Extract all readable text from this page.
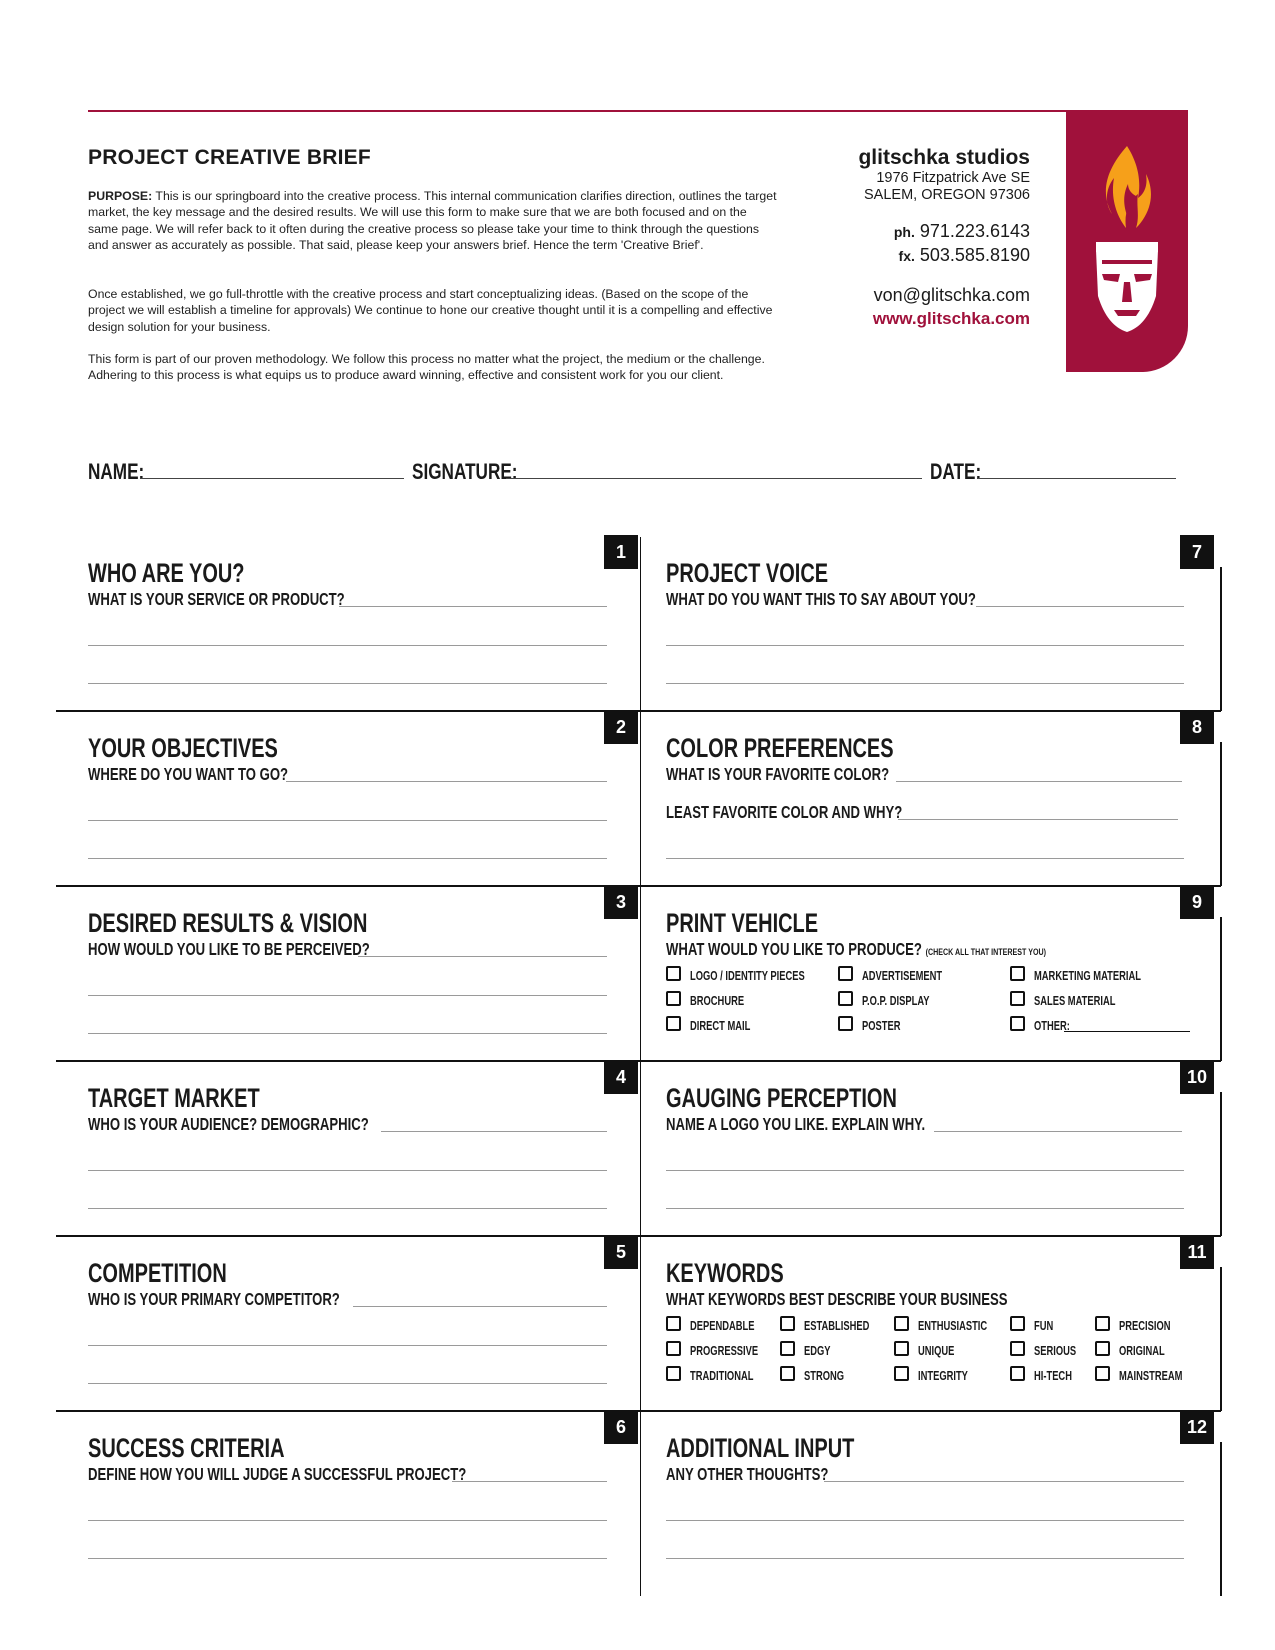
PROJECT CREATIVE BRIEF
PURPOSE: This is our springboard into the creative process. This internal communication clarifies direction, outlines the target market, the key message and the desired results. We will use this form to make sure that we are both focused and on the same page. We will refer back to it often during the creative process so please take your time to think through the questions and answer as accurately as possible. That said, please keep your answers brief. Hence the term 'Creative Brief'.
Once established, we go full-throttle with the creative process and start conceptualizing ideas. (Based on the scope of the project we will establish a timeline for approvals) We continue to hone our creative thought until it is a compelling and effective design solution for your business.
This form is part of our proven methodology. We follow this process no matter what the project, the medium or the challenge. Adhering to this process is what equips us to produce award winning, effective and consistent work for you our client.
glitschka studios
1976 Fitzpatrick Ave SE
SALEM, OREGON 97306
ph. 971.223.6143
fx. 503.585.8190
von@glitschka.com
www.glitschka.com
NAME:	SIGNATURE:	DATE:
1
WHO ARE YOU?
WHAT IS YOUR SERVICE OR PRODUCT?
2
YOUR OBJECTIVES
WHERE DO YOU WANT TO GO?
3
DESIRED RESULTS & VISION
HOW WOULD YOU LIKE TO BE PERCEIVED?
4
TARGET MARKET
WHO IS YOUR AUDIENCE? DEMOGRAPHIC?
5
COMPETITION
WHO IS YOUR PRIMARY COMPETITOR?
6
SUCCESS CRITERIA
DEFINE HOW YOU WILL JUDGE A SUCCESSFUL PROJECT?
7
PROJECT VOICE
WHAT DO YOU WANT THIS TO SAY ABOUT YOU?
8
COLOR PREFERENCES
WHAT IS YOUR FAVORITE COLOR?
LEAST FAVORITE COLOR AND WHY?
9
PRINT VEHICLE
WHAT WOULD YOU LIKE TO PRODUCE? (CHECK ALL THAT INTEREST YOU)
LOGO / IDENTITY PIECES	ADVERTISEMENT	MARKETING MATERIAL
BROCHURE	P.O.P. DISPLAY	SALES MATERIAL
DIRECT MAIL	POSTER	OTHER:
10
GAUGING PERCEPTION
NAME A LOGO YOU LIKE. EXPLAIN WHY.
11
KEYWORDS
WHAT KEYWORDS BEST DESCRIBE YOUR BUSINESS
DEPENDABLE	ESTABLISHED	ENTHUSIASTIC	FUN	PRECISION
PROGRESSIVE	EDGY	UNIQUE	SERIOUS	ORIGINAL
TRADITIONAL	STRONG	INTEGRITY	HI-TECH	MAINSTREAM
12
ADDITIONAL INPUT
ANY OTHER THOUGHTS?
